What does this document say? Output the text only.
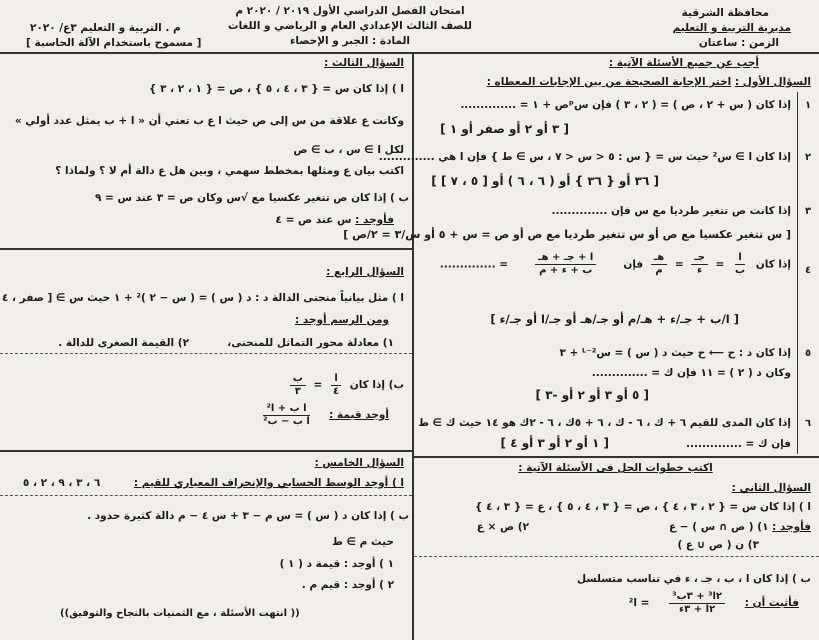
محافظة الشرقية
مديرية التربية و التعليم
الزمن : ساعتان
امتحان الفصل الدراسي الأول ٢٠١٩ / ٢٠٢٠ م
للصف الثالث الإعدادي العام و الرياضي و اللغات
المادة : الجبر و الإحصاء
م . التربية و التعليم ٣ع/ ٢٠٢٠
[ مسموح باستخدام الآلة الحاسبة ]
أجب عن جميع الأسئلة الآتية :
السؤال الأول : اختر الإجابة الصحيحة من بين الإجابات المعطاه :
١
إذا كان ( س + ٢ ، ص ) = ( ٢ ، ٣ ) فإن سᵖص + ١ = ..............
[ ٣ أو ٢ أو صفر أو ١ ]
٢
إذا كان ا ∋ س² حيث س = { س : ٥ < س < ٧ ، س ∋ ط } فإن ا هي ..............
[ ٣٦ أو { ٣٦ } أو ( ٦ ، ٦ ) أو [ ٥ ، ٧ ] ]
٣
إذا كانت ص تتغير طرديا مع س فإن ..............
[ س تتغير عكسيا مع ص أو س تتغير طرديا مع ص أو ص = س + ٥ أو س/٣ = ٢/ص ]
٤
إذا كان
$\frac{\text{ا}}{\text{ب}}$
=
$\frac{\text{جـ}}{\text{ء}}$
=
$\frac{\text{هـ}}{\text{م}}$
فإن
$\frac{\text{ا + جـ + هـ}}{\text{ب + ء + م}}$
= ..............
[ ا/ب + جـ/ء + هـ/م أو جـ/هـ أو جـ/ا أو جـ/ء ]
٥
إذا كان د : ح ⟵ ح حيث د ( س ) = سᴸ⁻² + ٣
وكان د ( ٢ ) = ١١ فإن ك = ..............
[ ٥ أو ٣ أو ٢ أو -٣ ]
٦
إذا كان المدى للقيم ٦ + ك ، ٦ - ك ، ٦ + ٥ك ، ٦ - ٢ك هو ١٤ حيث ك ∋ ط
فإن ك = ..............
[ ١ أو ٢ أو ٣ أو ٤ ]
اكتب خطوات الحل فى الأسئلة الآتية :
السؤال الثاني :
ا ) إذا كان س = { ٢ ، ٣ ، ٤ } ، ص = { ٣ ، ٤ ، ٥ } ، ع = { ٣ ، ٤ }
فأوجد : ١) ( ص ∩ س ) − ع
٢) ص × ع
٣) ن ( ص ∪ ع )
ب ) إذا كان ا ، ب ، جـ ، ء في تناسب متسلسل
فأثبت أن :
$\frac{\text{٢ا³ + ٣ب³}}{\text{٢ا + ٣ء}}$
= ا²
السؤال الثالث :
ا ) إذا كان س = { ٣ ، ٤ ، ٥ } ، ص = { ١ ، ٢ ، ٣ }
وكانت ع علاقة من س إلى ص حيث ا ع ب تعني أن « ا + ب يمثل عدد أولي »
لكل ا ∋ س ، ب ∋ ص
اكتب بيان ع ومثلها بمخطط سهمي ، وبين هل ع دالة أم لا ؟ ولماذا ؟
ب ) إذا كان ص تتغير عكسيا مع √س وكان ص = ٣ عند س = ٩
فأوجد : س عند ص = ٤
السؤال الرابع :
ا ) مثل بيانياً منحنى الدالة د : د ( س ) = ( س − ٢ )² + ١ حيث س ∋ [ صفر ، ٤
ومن الرسم أوجد :
١) معادلة محور التماثل للمنحنى،
٢) القيمة الصغرى للدالة .
ب) إذا كان
$\frac{\text{ا}}{٤}$
=
$\frac{\text{ب}}{٣}$
أوجد قيمة :
$\frac{\text{ا ب + ا²}}{\text{ا ب − ب²}}$
السؤال الخامس :
ا ) أوجد الوسط الحسابي والإنحراف المعياري للقيم : ٦ ، ٣ ، ٩ ، ٢ ، ٥
ب ) إذا كان د ( س ) = س م − ٣ + س ٤ − م دالة كثيرة حدود .
حيث م ∋ ط
١ ) أوجد : قيمة د ( ١ )
٢ ) أوجد : قيم م .
(( انتهت الأسئلة ، مع التمنيات بالنجاح والتوفيق))
